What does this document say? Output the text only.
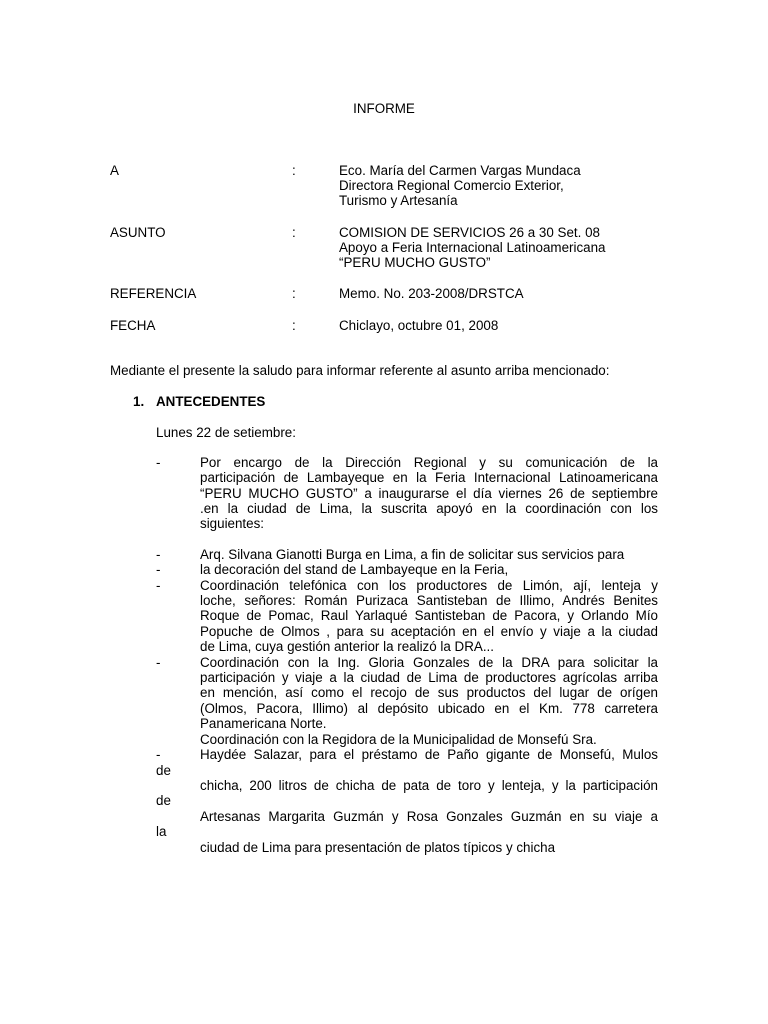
INFORME
A	:	Eco. María del Carmen Vargas Mundaca
Directora Regional Comercio Exterior,
Turismo y Artesanía
ASUNTO	:	COMISION DE SERVICIOS 26 a 30 Set. 08
Apoyo a Feria Internacional Latinoamericana
“PERU MUCHO GUSTO”
REFERENCIA	:	Memo. No. 203-2008/DRSTCA
FECHA	:	Chiclayo, octubre 01, 2008
Mediante el presente la saludo para informar referente al asunto arriba mencionado:
1. ANTECEDENTES
Lunes 22 de setiembre:
-	Por encargo de la Dirección Regional y su comunicación de la
participación de Lambayeque en la Feria Internacional Latinoamericana
“PERU MUCHO GUSTO” a inaugurarse el día viernes 26 de septiembre
.en la ciudad de Lima, la suscrita apoyó en la coordinación con los
siguientes:
-	Arq. Silvana Gianotti Burga en Lima, a fin de solicitar sus servicios para
-	la decoración del stand de Lambayeque en la Feria,
-	Coordinación telefónica con los productores de Limón, ají, lenteja y
loche, señores: Román Purizaca Santisteban de Illimo, Andrés Benites
Roque de Pomac, Raul Yarlaqué Santisteban de Pacora, y Orlando Mío
Popuche de Olmos , para su aceptación en el envío y viaje a la ciudad
de Lima, cuya gestión anterior la realizó la DRA...
-	Coordinación con la Ing. Gloria Gonzales de la DRA para solicitar la
participación y viaje a la ciudad de Lima de productores agrícolas arriba
en mención, así como el recojo de sus productos del lugar de orígen
(Olmos, Pacora, Illimo) al depósito ubicado en el Km. 778 carretera
Panamericana Norte.
Coordinación con la Regidora de la Municipalidad de Monsefú Sra.
-	Haydée Salazar, para el préstamo de Paño gigante de Monsefú, Mulos
de
chicha, 200 litros de chicha de pata de toro y lenteja, y la participación
de
Artesanas Margarita Guzmán y Rosa Gonzales Guzmán en su viaje a
la
ciudad de Lima para presentación de platos típicos y chicha
